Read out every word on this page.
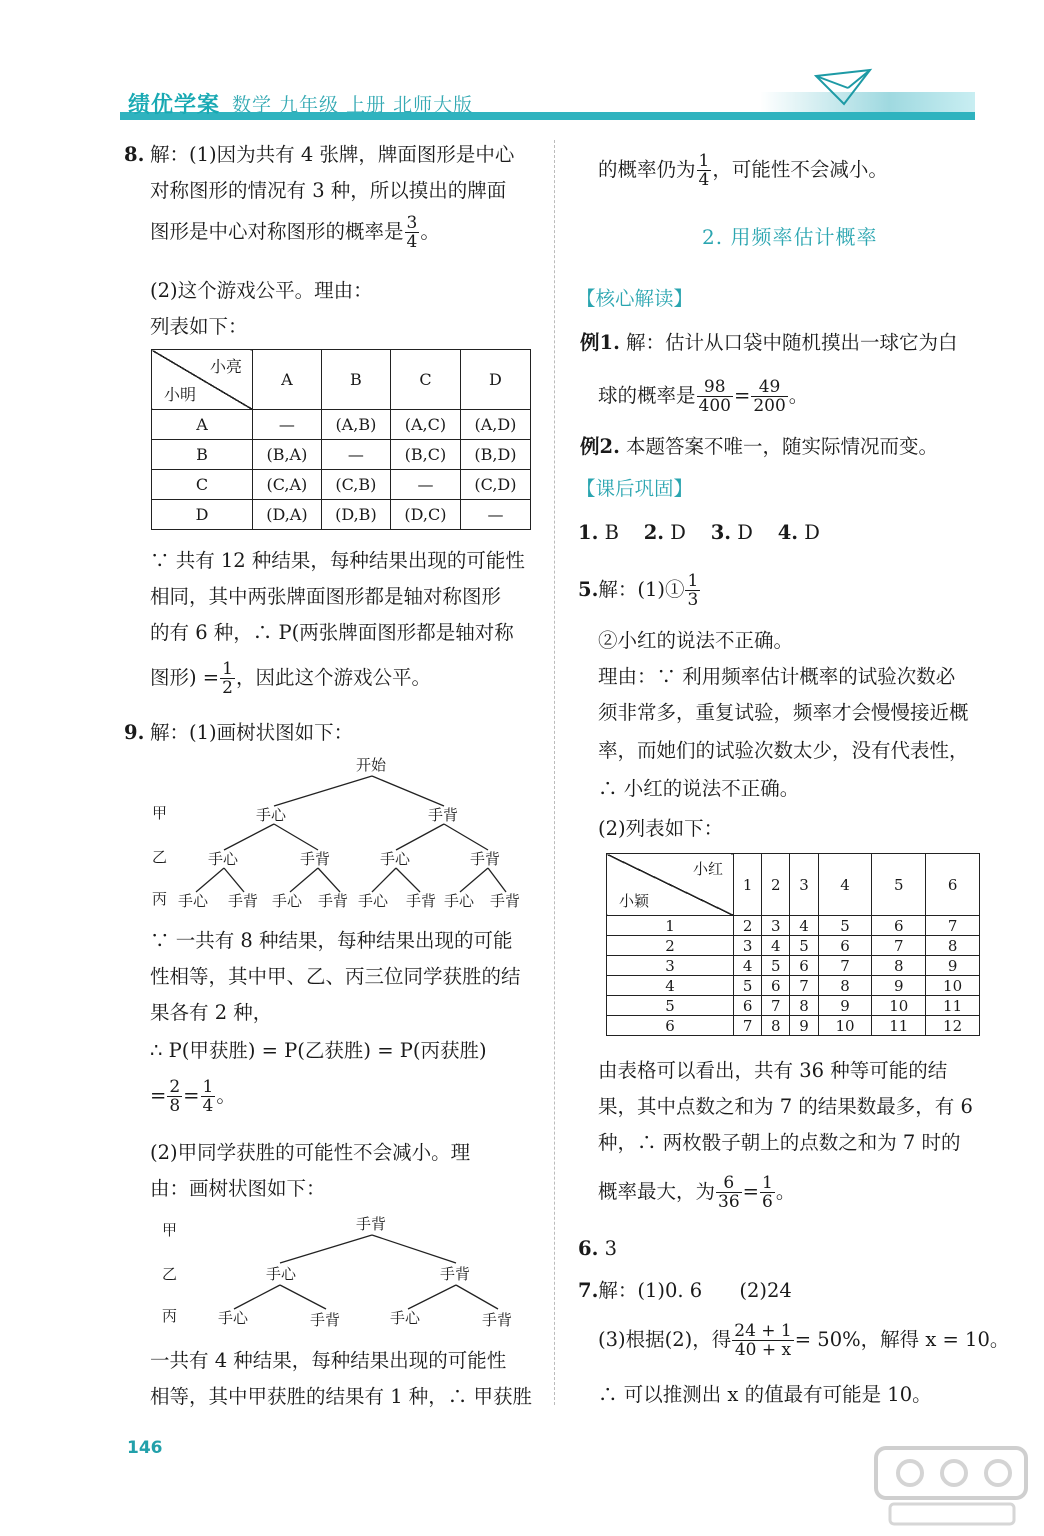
绩优学案 数学 九年级 上册 北师大版
8. 解：(1)因为共有 4 张牌，牌面图形是中心
对称图形的情况有 3 种，所以摸出的牌面
图形是中心对称图形的概率是 $\frac{3}{4}$ 。
(2)这个游戏公平。理由：
列表如下：
小亮
小明	A	B	C	D
A	—	(A,B)	(A,C)	(A,D)
B	(B,A)	—	(B,C)	(B,D)
C	(C,A)	(C,B)	—	(C,D)
D	(D,A)	(D,B)	(D,C)	—
∵ 共有 12 种结果，每种结果出现的可能性
相同，其中两张牌面图形都是轴对称图形
的有 6 种，∴ P(两张牌面图形都是轴对称
图形) = $\frac{1}{2}$ ，因此这个游戏公平。
9. 解：(1)画树状图如下：
开始
甲
乙
丙
手心	手背
手心	手背	手心	手背
手心 手背 手心 手背 手心 手背 手心 手背
∵ 一共有 8 种结果，每种结果出现的可能
性相等，其中甲、乙、丙三位同学获胜的结
果各有 2 种，
∴ P(甲获胜) = P(乙获胜) = P(丙获胜)
= $\frac{2}{8} = \frac{1}{4}$ 。
(2)甲同学获胜的可能性不会减小。理
由：画树状图如下：
甲
乙
丙
手背
手心	手背
手心	手背	手心	手背
一共有 4 种结果，每种结果出现的可能性
相等，其中甲获胜的结果有 1 种，∴ 甲获胜
的概率仍为 $\frac{1}{4}$ ，可能性不会减小。
2. 用频率估计概率
【核心解读】
例1. 解：估计从口袋中随机摸出一球它为白
球的概率是 $\frac{98}{400} = \frac{49}{200}$ 。
例2. 本题答案不唯一，随实际情况而变。
【课后巩固】
1. B 2. D 3. D 4. D
5.解：(1)① $\frac{1}{3}$
②小红的说法不正确。
理由：∵ 利用频率估计概率的试验次数必
须非常多，重复试验，频率才会慢慢接近概
率，而她们的试验次数太少，没有代表性，
∴ 小红的说法不正确。
(2)列表如下：
小红
小颖	1	2	3	4	5	6
1	2	3	4	5	6	7
2	3	4	5	6	7	8
3	4	5	6	7	8	9
4	5	6	7	8	9	10
5	6	7	8	9	10	11
6	7	8	9	10	11	12
由表格可以看出，共有 36 种等可能的结
果，其中点数之和为 7 的结果数最多，有 6
种，∴ 两枚骰子朝上的点数之和为 7 时的
概率最大，为 $\frac{6}{36} = \frac{1}{6}$ 。
6. 3
7.解：(1)0. 6 (2)24
(3)根据(2)，得 $\frac{24 + 1}{40 + x} = 50\%$，解得 x = 10。
∴ 可以推测出 x 的值最有可能是 10。
146
